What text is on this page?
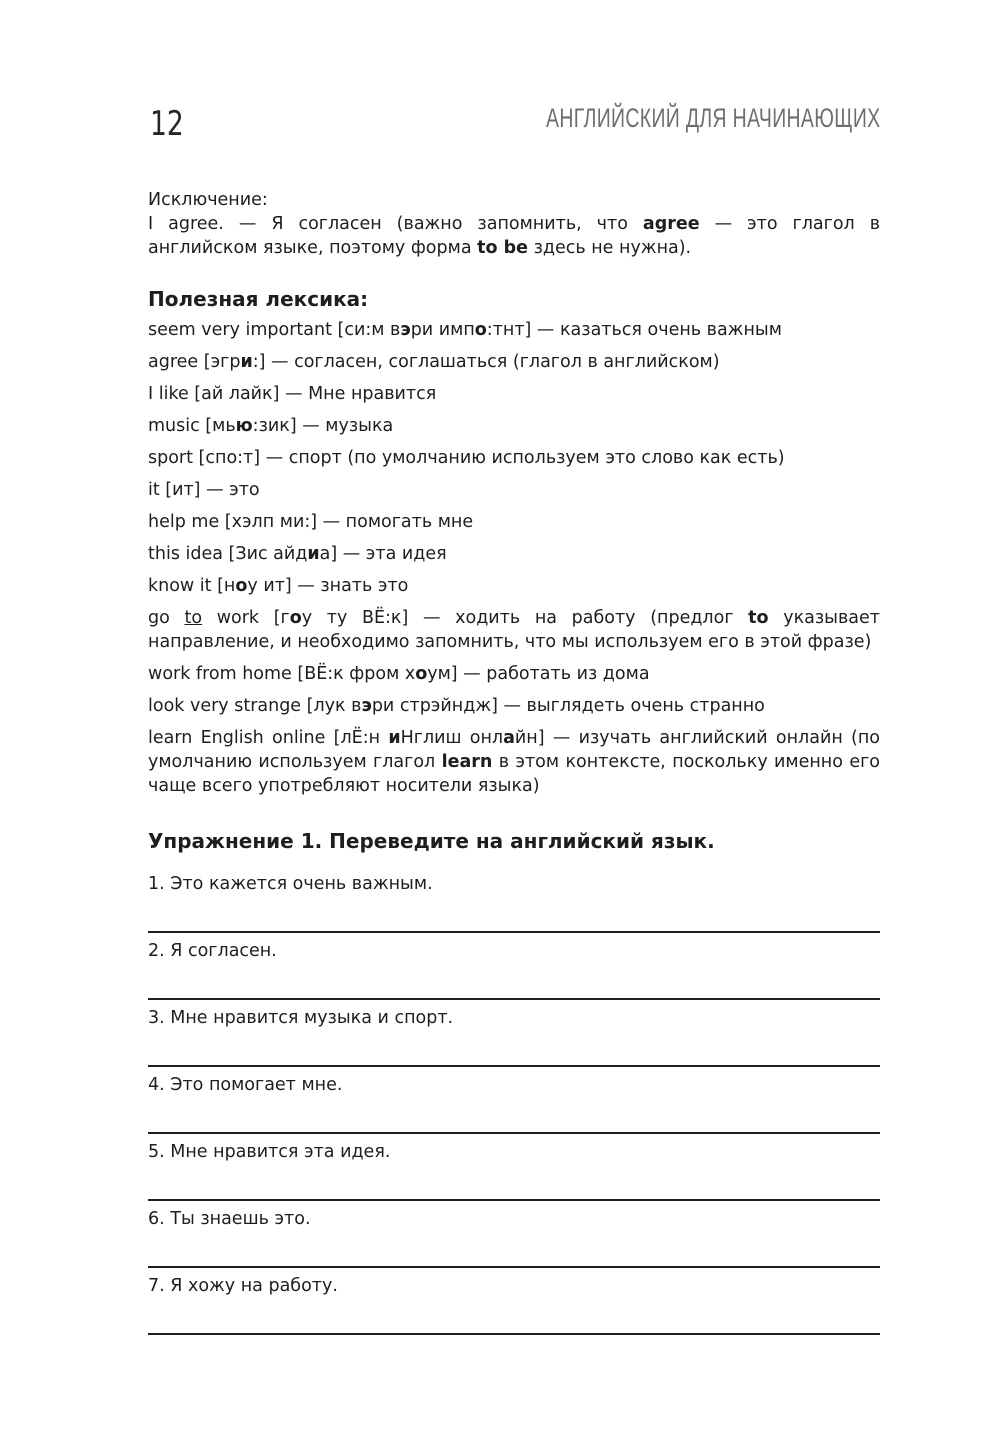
12	АНГЛИЙСКИЙ ДЛЯ НАЧИНАЮЩИХ

Исключение:

I agree. — Я согласен (важно запомнить, что agree — это глагол в английском языке, поэтому форма to be здесь не нужна).

Полезная лексика:
seem very important [си:м вэри импо:тнт] — казаться очень важным
agree [эгри:] — согласен, соглашаться (глагол в английском)
I like [ай лайк] — Мне нравится
music [мью:зик] — музыка
sport [спо:т] — спорт (по умолчанию используем это слово как есть)
it [ит] — это
help me [хэлп ми:] — помогать мне
this idea [Зис айдиа] — эта идея
know it [ноу ит] — знать это
go to work [гоу ту ВЁ:к] — ходить на работу (предлог to указывает направление, и необходимо запомнить, что мы используем его в этой фразе)
work from home [ВЁ:к фром хоум] — работать из дома
look very strange [лук вэри стрэйндж] — выглядеть очень странно
learn English online [лЁ:н иНглиш онлайн] — изучать английский онлайн (по умолчанию используем глагол learn в этом контексте, поскольку именно его чаще всего употребляют носители языка)
Упражнение 1. Переведите на английский язык.
1. Это кажется очень важным.
2. Я согласен.
3. Мне нравится музыка и спорт.
4. Это помогает мне.
5. Мне нравится эта идея.
6. Ты знаешь это.
7. Я хожу на работу.
